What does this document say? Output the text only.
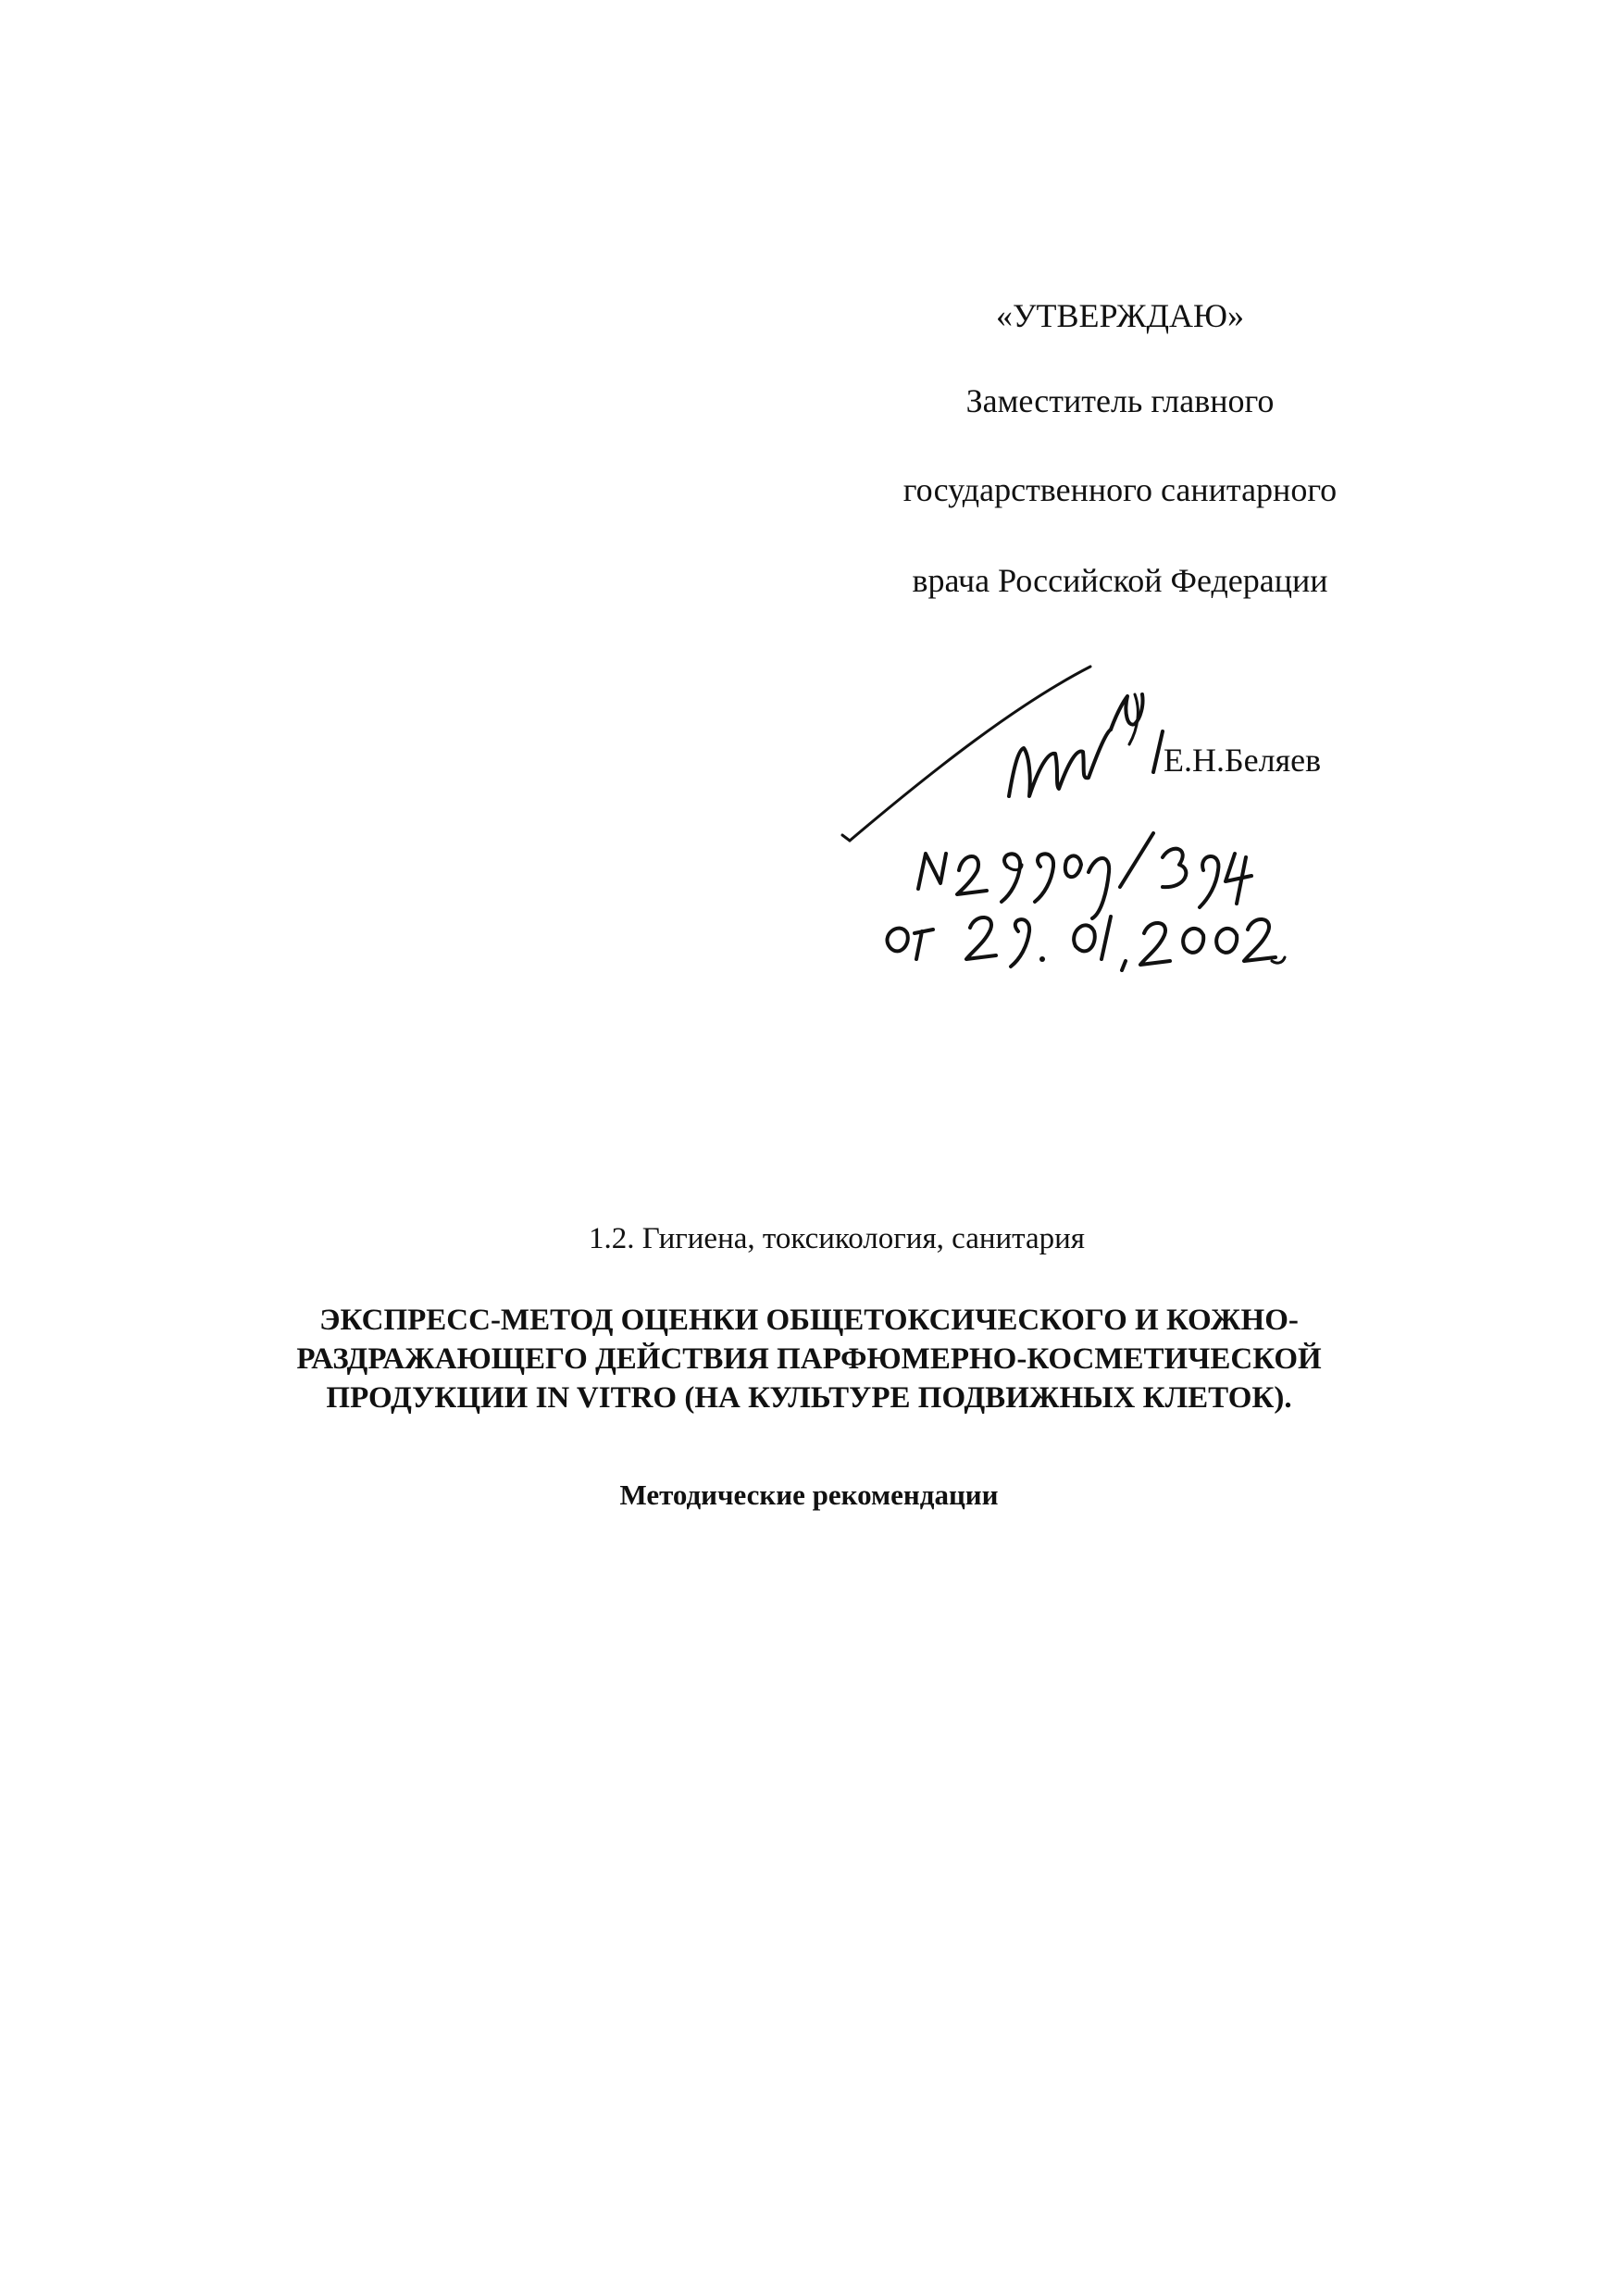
«УТВЕРЖДАЮ»
Заместитель главного
государственного санитарного
врача Российской Федерации
Е.Н.Беляев
1.2. Гигиена, токсикология, санитария
ЭКСПРЕСС-МЕТОД ОЦЕНКИ ОБЩЕТОКСИЧЕСКОГО И КОЖНО-
РАЗДРАЖАЮЩЕГО ДЕЙСТВИЯ ПАРФЮМЕРНО-КОСМЕТИЧЕСКОЙ
ПРОДУКЦИИ IN VITRO (НА КУЛЬТУРЕ ПОДВИЖНЫХ КЛЕТОК).
Методические рекомендации
